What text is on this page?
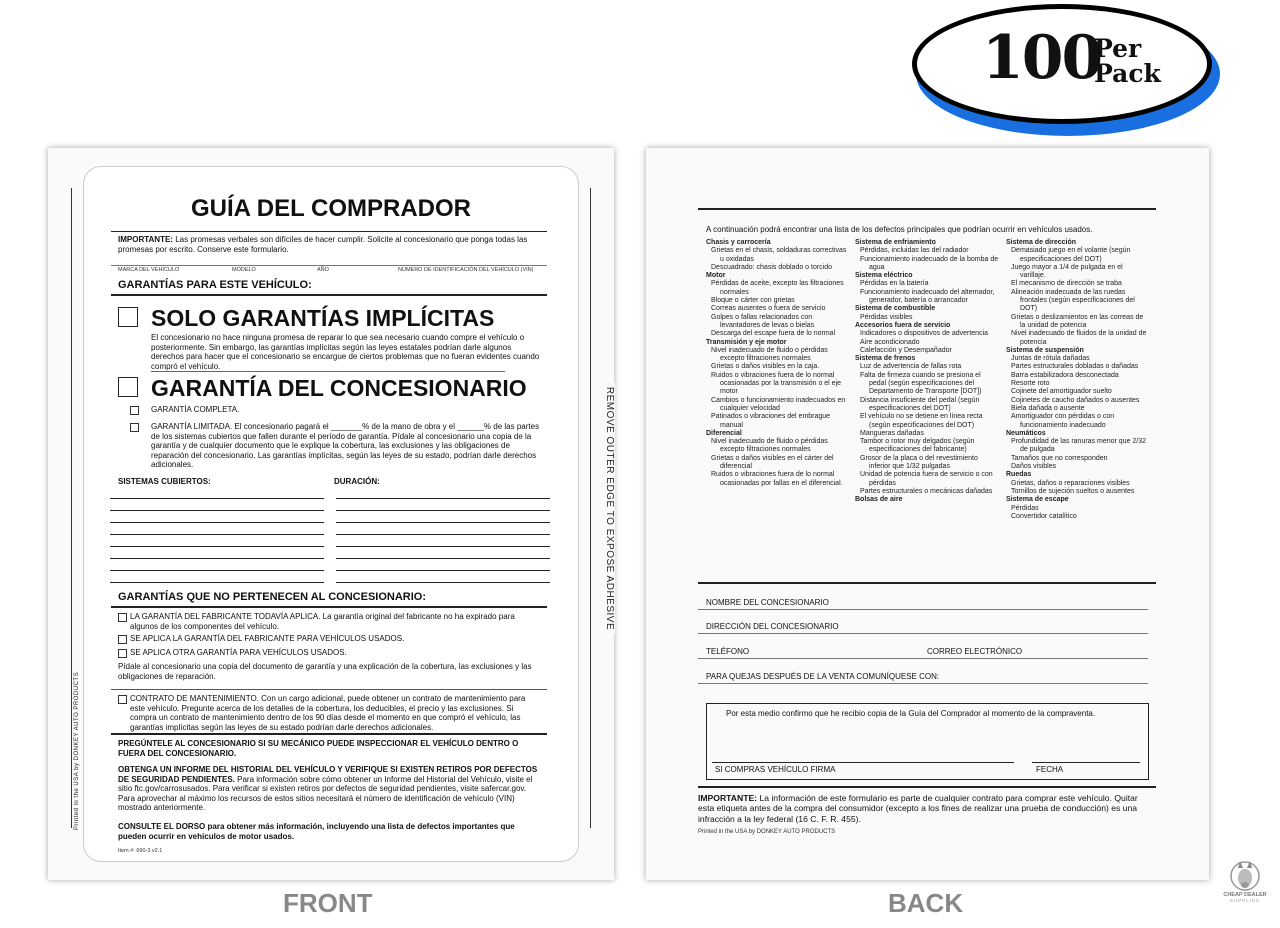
100
Per
Pack
REMOVE OUTER EDGE TO EXPOSE ADHESIVE
Printed in the USA by DONKEY AUTO PRODUCTS
GUÍA DEL COMPRADOR
IMPORTANTE: Las promesas verbales son difíciles de hacer cumplir. Solicite al concesionario que ponga todas las promesas por escrito. Conserve este formulario.
MARCA DEL VEHÍCULO	MODELO	AÑO	NÚMERO DE IDENTIFICACIÓN DEL VEHÍCULO (VIN)
GARANTÍAS PARA ESTE VEHÍCULO:
SOLO GARANTÍAS IMPLÍCITAS
El concesionario no hace ninguna promesa de reparar lo que sea necesario cuando compre el vehículo o posteriormente. Sin embargo, las garantías implícitas según las leyes estatales podrían darle algunos derechos para hacer que el concesionario se encargue de ciertos problemas que no fueran evidentes cuando compró el vehículo.
GARANTÍA DEL CONCESIONARIO
GARANTÍA COMPLETA.
GARANTÍA LIMITADA. El concesionario pagará el _______% de la mano de obra y el ______% de las partes de los sistemas cubiertos que fallen durante el período de garantía. Pídale al concesionario una copia de la garantía y de cualquier documento que le explique la cobertura, las exclusiones y las obligaciones de reparación del concesionario. Las garantías implícitas, según las leyes de su estado, podrían darle derechos adicionales.
SISTEMAS CUBIERTOS:	DURACIÓN:
GARANTÍAS QUE NO PERTENECEN AL CONCESIONARIO:
LA GARANTÍA DEL FABRICANTE TODAVÍA APLICA. La garantía original del fabricante no ha expirado para algunos de los componentes del vehículo.
SE APLICA LA GARANTÍA DEL FABRICANTE PARA VEHÍCULOS USADOS.
SE APLICA OTRA GARANTÍA PARA VEHÍCULOS USADOS.
Pídale al concesionario una copia del documento de garantía y una explicación de la cobertura, las exclusiones y las obligaciones de reparación.
CONTRATO DE MANTENIMIENTO. Con un cargo adicional, puede obtener un contrato de mantenimiento para este vehículo. Pregunte acerca de los detalles de la cobertura, los deducibles, el precio y las exclusiones. Si compra un contrato de mantenimiento dentro de los 90 días desde el momento en que compró el vehículo, las garantías implícitas según las leyes de su estado podrían darle derechos adicionales.
PREGÚNTELE AL CONCESIONARIO SI SU MECÁNICO PUEDE INSPECCIONAR EL VEHÍCULO DENTRO O FUERA DEL CONCESIONARIO.
OBTENGA UN INFORME DEL HISTORIAL DEL VEHÍCULO Y VERIFIQUE SI EXISTEN RETIROS POR DEFECTOS DE SEGURIDAD PENDIENTES. Para información sobre cómo obtener un Informe del Historial del Vehículo, visite el sitio ftc.gov/carrosusados. Para verificar si existen retiros por defectos de seguridad pendientes, visite safercar.gov. Para aprovechar al máximo los recursos de estos sitios necesitará el número de identificación de vehículo (VIN) mostrado anteriormente.
CONSULTE EL DORSO para obtener más información, incluyendo una lista de defectos importantes que pueden ocurrir en vehículos de motor usados.
Item #: 690-3 v2.1
A continuación podrá encontrar una lista de los defectos principales que podrían ocurrir en vehículos usados.
Chasis y carrocería
Grietas en el chasis, soldaduras correctivas
u oxidadas
Descuadrado: chasis doblado o torcido
Motor
Pérdidas de aceite, excepto las filtraciones
normales
Bloque o cárter con grietas
Correas ausentes o fuera de servicio
Golpes o fallas relacionados con
levantadores de levas o bielas
Descarga del escape fuera de lo normal
Transmisión y eje motor
Nivel inadecuado de fluido o pérdidas
excepto filtraciones normales
Grietas o daños visibles en la caja.
Ruidos o vibraciones fuera de lo normal
ocasionadas por la transmisión o el eje
motor
Cambios o funcionamiento inadecuados en
cualquier velocidad
Patinados o vibraciones del embrague
manual
Diferencial
Nivel inadecuado de fluido o pérdidas
excepto filtraciones normales
Grietas o daños visibles en el cárter del
diferencial
Ruidos o vibraciones fuera de lo normal
ocasionadas por fallas en el diferencial.
Sistema de enfriamiento
Pérdidas, incluidas las del radiador
Funcionamiento inadecuado de la bomba de
agua
Sistema eléctrico
Pérdidas en la batería
Funcionamiento inadecuado del alternador,
generador, batería o arrancador
Sistema de combustible
Pérdidas visibles
Accesorios fuera de servicio
Indicadores o dispositivos de advertencia
Aire acondicionado
Calefacción y Desempañador
Sistema de frenos
Luz de advertencia de fallas rota
Falta de firmeza cuando se presiona el
pedal (según especificaciones del
Departamento de Transporte [DOT])
Distancia insuficiente del pedal (según
especificaciones del DOT)
El vehículo no se detiene en línea recta
(según especificaciones del DOT)
Mangueras dañadas
Tambor o rotor muy delgados (según
especificaciones del fabricante)
Grosor de la placa o del revestimiento
inferior que 1/32 pulgadas
Unidad de potencia fuera de servicio o con
pérdidas
Partes estructurales o mecánicas dañadas
Bolsas de aire
Sistema de dirección
Demasiado juego en el volante (según
especificaciones del DOT)
Juego mayor a 1/4 de pulgada en el
varillaje.
El mecanismo de dirección se traba
Alineación inadecuada de las ruedas
frontales (según especificaciones del
DOT)
Grietas o deslizamientos en las correas de
la unidad de potencia
Nivel inadecuado de fluidos de la unidad de
potencia
Sistema de suspensión
Juntas de rótula dañadas
Partes estructurales dobladas o dañadas
Barra estabilizadora desconectada
Resorte roto
Cojinete del amortiguador suelto
Cojinetes de caucho dañados o ausentes
Biela dañada o ausente
Amortiguador con pérdidas o con
funcionamiento inadecuado
Neumáticos
Profundidad de las ranuras menor que 2/32
de pulgada
Tamaños que no corresponden
Daños visibles
Ruedas
Grietas, daños o reparaciones visibles
Tornillos de sujeción sueltos o ausentes
Sistema de escape
Pérdidas
Convertidor catalítico
NOMBRE DEL CONCESIONARIO
DIRECCIÓN DEL CONCESIONARIO
TELÉFONO	CORREO ELECTRÓNICO
PARA QUEJAS DESPUÉS DE LA VENTA COMUNÍQUESE CON:
Por esta medio confirmo que he recibio copia de la Guía del Comprador al momento de la compraventa.
SI COMPRAS VEHÍCULO FIRMA	FECHA
IMPORTANTE: La información de este formulario es parte de cualquier contrato para comprar este vehículo. Quitar esta etiqueta antes de la compra del consumidor (excepto a los fines de realizar una prueba de conducción) es una infracción a la ley federal (16 C. F. R. 455).
Printed in the USA by DONKEY AUTO PRODUCTS
FRONT	BACK	CHEAP DEALER
SUPPLIES
